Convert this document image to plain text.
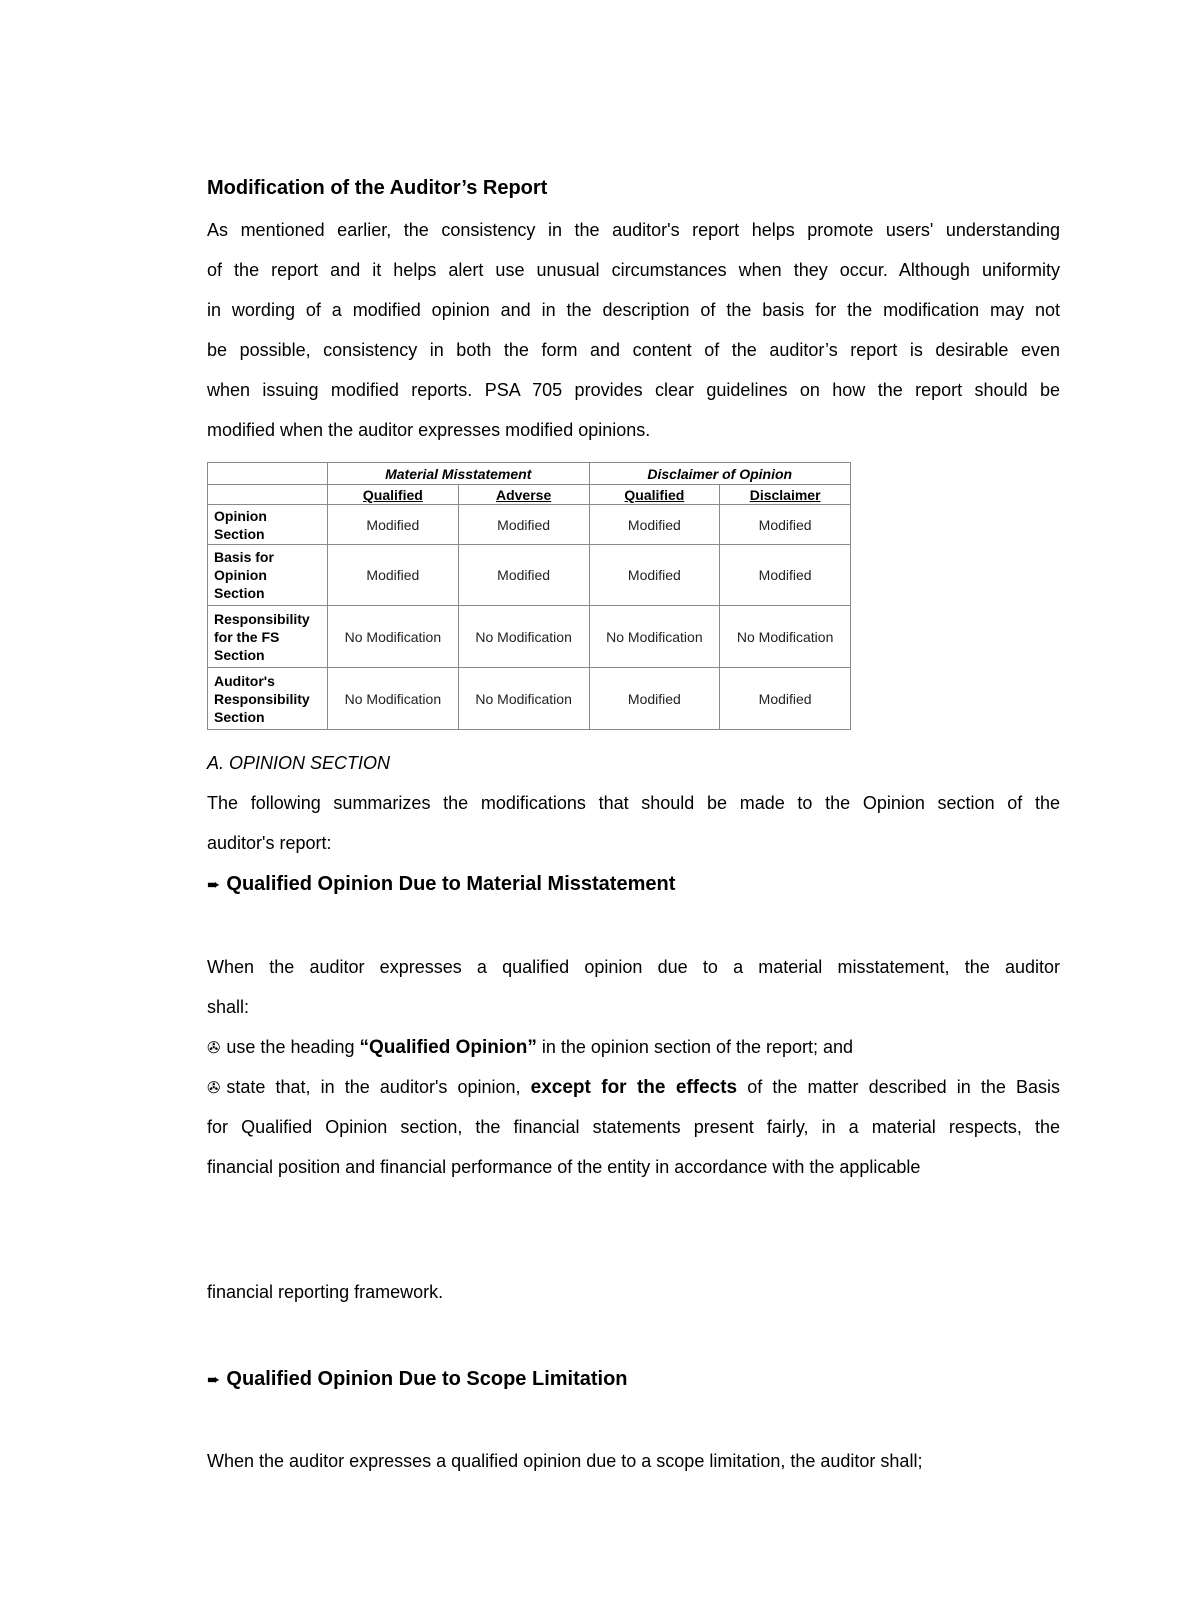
Modification of the Auditor’s Report
As mentioned earlier, the consistency in the auditor's report helps promote users' understanding
of the report and it helps alert use unusual circumstances when they occur. Although uniformity
in wording of a modified opinion and in the description of the basis for the modification may not
be possible, consistency in both the form and content of the auditor’s report is desirable even
when issuing modified reports. PSA 705 provides clear guidelines on how the report should be
modified when the auditor expresses modified opinions.
	Material Misstatement		Disclaimer of Opinion	
	Qualified	Adverse	Qualified	Disclaimer

Opinion
Section	Modified	Modified	Modified	Modified

Basis for
Opinion
Section	Modified	Modified	Modified	Modified

Responsibility
for the FS
Section	No Modification	No Modification	No Modification	No Modification

Auditor's
Responsibility
Section	No Modification	No Modification	Modified	Modified
A. OPINION SECTION
The following summarizes the modifications that should be made to the Opinion section of the
auditor's report:
➨ Qualified Opinion Due to Material Misstatement
When the auditor expresses a qualified opinion due to a material misstatement, the auditor
shall:
✇ use the heading “Qualified Opinion” in the opinion section of the report; and
✇ state that, in the auditor's opinion, except for the effects of the matter described in the Basis
for Qualified Opinion section, the financial statements present fairly, in a material respects, the
financial position and financial performance of the entity in accordance with the applicable
financial reporting framework.
➨ Qualified Opinion Due to Scope Limitation
When the auditor expresses a qualified opinion due to a scope limitation, the auditor shall;
